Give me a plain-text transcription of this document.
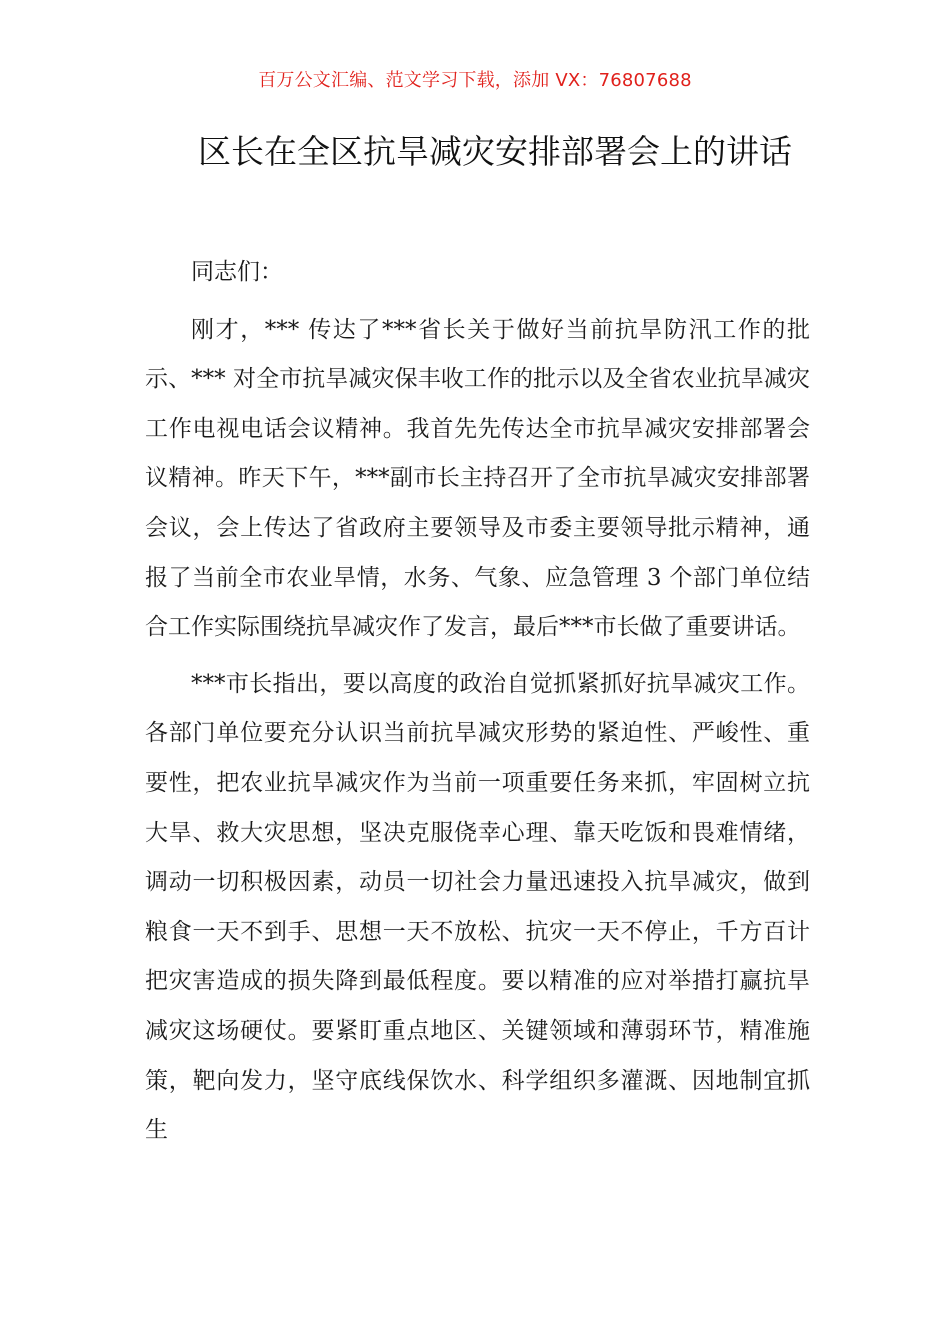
百万公文汇编、范文学习下载，添加 VX：76807688
区长在全区抗旱减灾安排部署会上的讲话

同志们：

刚才，*** 传达了***省长关于做好当前抗旱防汛工作的批示、*** 对全市抗旱减灾保丰收工作的批示以及全省农业抗旱减灾工作电视电话会议精神。我首先先传达全市抗旱减灾安排部署会议精神。昨天下午，***副市长主持召开了全市抗旱减灾安排部署会议，会上传达了省政府主要领导及市委主要领导批示精神，通报了当前全市农业旱情，水务、气象、应急管理 3 个部门单位结合工作实际围绕抗旱减灾作了发言，最后***市长做了重要讲话。

***市长指出，要以高度的政治自觉抓紧抓好抗旱减灾工作。各部门单位要充分认识当前抗旱减灾形势的紧迫性、严峻性、重要性，把农业抗旱减灾作为当前一项重要任务来抓，牢固树立抗大旱、救大灾思想，坚决克服侥幸心理、靠天吃饭和畏难情绪，调动一切积极因素，动员一切社会力量迅速投入抗旱减灾，做到粮食一天不到手、思想一天不放松、抗灾一天不停止，千方百计把灾害造成的损失降到最低程度。要以精准的应对举措打赢抗旱减灾这场硬仗。要紧盯重点地区、关键领域和薄弱环节，精准施策，靶向发力，坚守底线保饮水、科学组织多灌溉、因地制宜抓生
